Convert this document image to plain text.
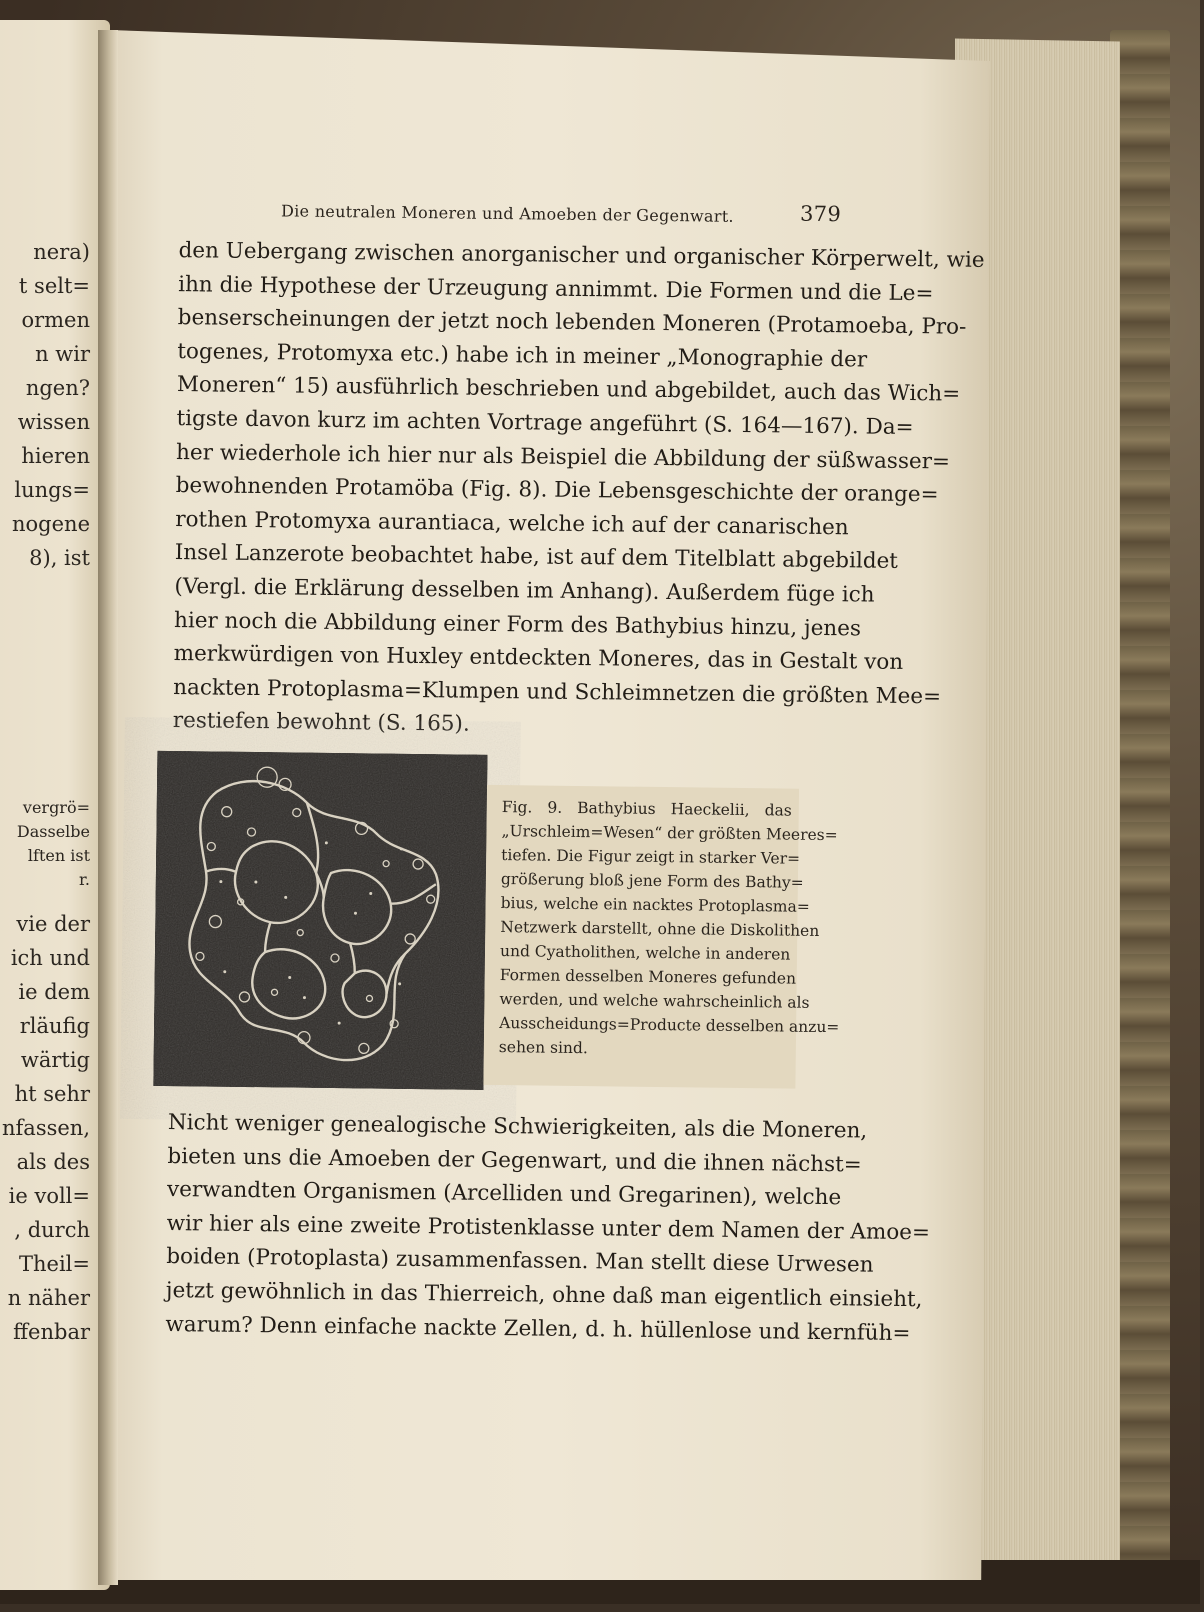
nera)
t selt=
ormen
n wir
ngen?
wissen
hieren
lungs=
nogene
8), ist
vergrö=
Dasselbe
lften ist
r.
vie der
ich und
ie dem
rläufig
wärtig
ht sehr
nfassen,
als des
ie voll=
, durch
Theil=
n näher
ffenbar
Die neutralen Moneren und Amoeben der Gegenwart.	379
den Uebergang zwischen anorganischer und organischer Körperwelt, wie
ihn die Hypothese der Urzeugung annimmt. Die Formen und die Le=
benserscheinungen der jetzt noch lebenden Moneren (Protamoeba, Pro-
togenes, Protomyxa etc.) habe ich in meiner „Monographie der
Moneren“ 15) ausführlich beschrieben und abgebildet, auch das Wich=
tigste davon kurz im achten Vortrage angeführt (S. 164—167). Da=
her wiederhole ich hier nur als Beispiel die Abbildung der süßwasser=
bewohnenden Protamöba (Fig. 8). Die Lebensgeschichte der orange=
rothen Protomyxa aurantiaca, welche ich auf der canarischen
Insel Lanzerote beobachtet habe, ist auf dem Titelblatt abgebildet
(Vergl. die Erklärung desselben im Anhang). Außerdem füge ich
hier noch die Abbildung einer Form des Bathybius hinzu, jenes
merkwürdigen von Huxley entdeckten Moneres, das in Gestalt von
nackten Protoplasma=Klumpen und Schleimnetzen die größten Mee=
restiefen bewohnt (S. 165).
Fig. 9. Bathybius Haeckelii, das
„Urschleim=Wesen“ der größten Meeres=
tiefen. Die Figur zeigt in starker Ver=
größerung bloß jene Form des Bathy=
bius, welche ein nacktes Protoplasma=
Netzwerk darstellt, ohne die Diskolithen
und Cyatholithen, welche in anderen
Formen desselben Moneres gefunden
werden, und welche wahrscheinlich als
Ausscheidungs=Producte desselben anzu=
sehen sind.
Nicht weniger genealogische Schwierigkeiten, als die Moneren,
bieten uns die Amoeben der Gegenwart, und die ihnen nächst=
verwandten Organismen (Arcelliden und Gregarinen), welche
wir hier als eine zweite Protistenklasse unter dem Namen der Amoe=
boiden (Protoplasta) zusammenfassen. Man stellt diese Urwesen
jetzt gewöhnlich in das Thierreich, ohne daß man eigentlich einsieht,
warum? Denn einfache nackte Zellen, d. h. hüllenlose und kernfüh=
